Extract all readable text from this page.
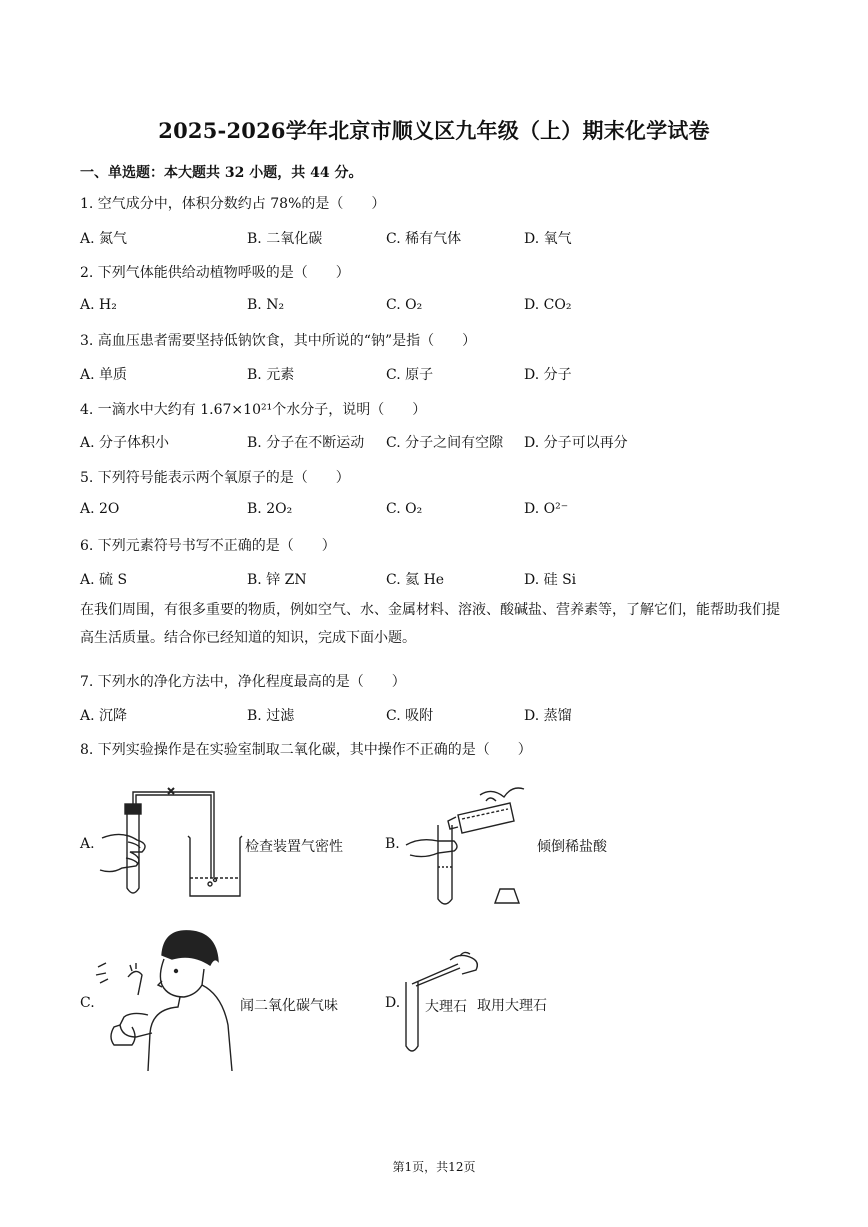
2025-2026学年北京市顺义区九年级（上）期末化学试卷
一、单选题：本大题共 32 小题，共 44 分。
1. 空气成分中，体积分数约占 78%的是（　　）
A. 氮气	B. 二氧化碳	C. 稀有气体	D. 氧气
2. 下列气体能供给动植物呼吸的是（　　）
A. H₂	B. N₂	C. O₂	D. CO₂
3. 高血压患者需要坚持低钠饮食，其中所说的“钠”是指（　　）
A. 单质	B. 元素	C. 原子	D. 分子
4. 一滴水中大约有 1.67×10²¹个水分子，说明（　　）
A. 分子体积小	B. 分子在不断运动 C. 分子之间有空隙 D. 分子可以再分
5. 下列符号能表示两个氧原子的是（　　）
A. 2O	B. 2O₂	C. O₂	D. O²⁻
6. 下列元素符号书写不正确的是（　　）
A. 硫 S	B. 锌 ZN	C. 氦 He	D. 硅 Si
在我们周围，有很多重要的物质，例如空气、水、金属材料、溶液、酸碱盐、营养素等，了解它们，能帮助我们提高生活质量。结合你已经知道的知识，完成下面小题。
7. 下列水的净化方法中，净化程度最高的是（　　）
A. 沉降	B. 过滤	C. 吸附	D. 蒸馏
8. 下列实验操作是在实验室制取二氧化碳，其中操作不正确的是（　　）
A.	检查装置气密性	B.	倾倒稀盐酸
C.	闻二氧化碳气味	D. 大理石 取用大理石
第1页，共12页
